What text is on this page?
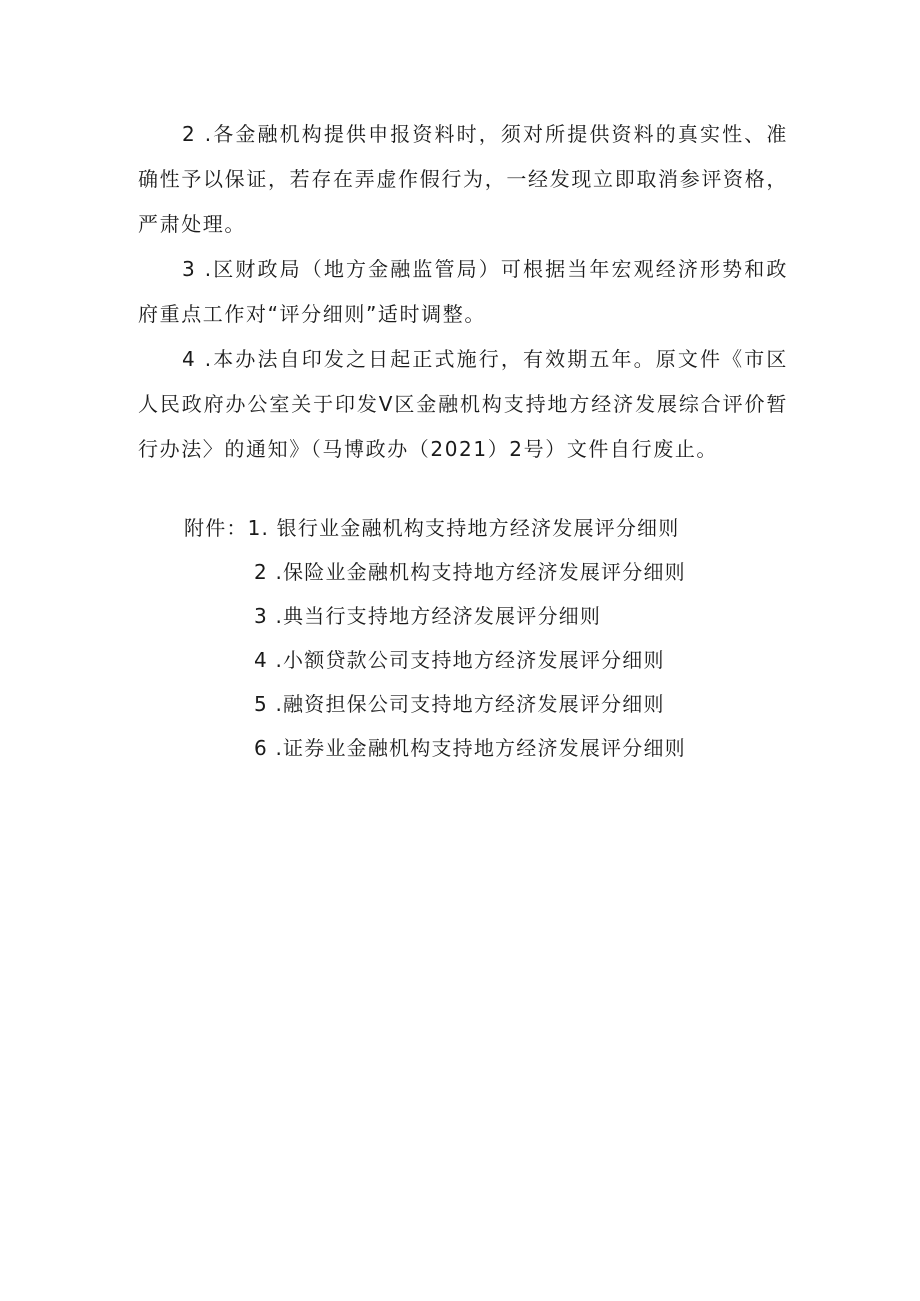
2 .各金融机构提供申报资料时，须对所提供资料的真实性、准确性予以保证，若存在弄虚作假行为，一经发现立即取消参评资格，严肃处理。

3 .区财政局（地方金融监管局）可根据当年宏观经济形势和政府重点工作对“评分细则”适时调整。

4 .本办法自印发之日起正式施行，有效期五年。原文件《市区人民政府办公室关于印发V区金融机构支持地方经济发展综合评价暂行办法〉的通知》（马博政办（2021）2号）文件自行废止。

附件：1. 银行业金融机构支持地方经济发展评分细则
2 .保险业金融机构支持地方经济发展评分细则
3 .典当行支持地方经济发展评分细则
4 .小额贷款公司支持地方经济发展评分细则
5 .融资担保公司支持地方经济发展评分细则
6 .证券业金融机构支持地方经济发展评分细则
